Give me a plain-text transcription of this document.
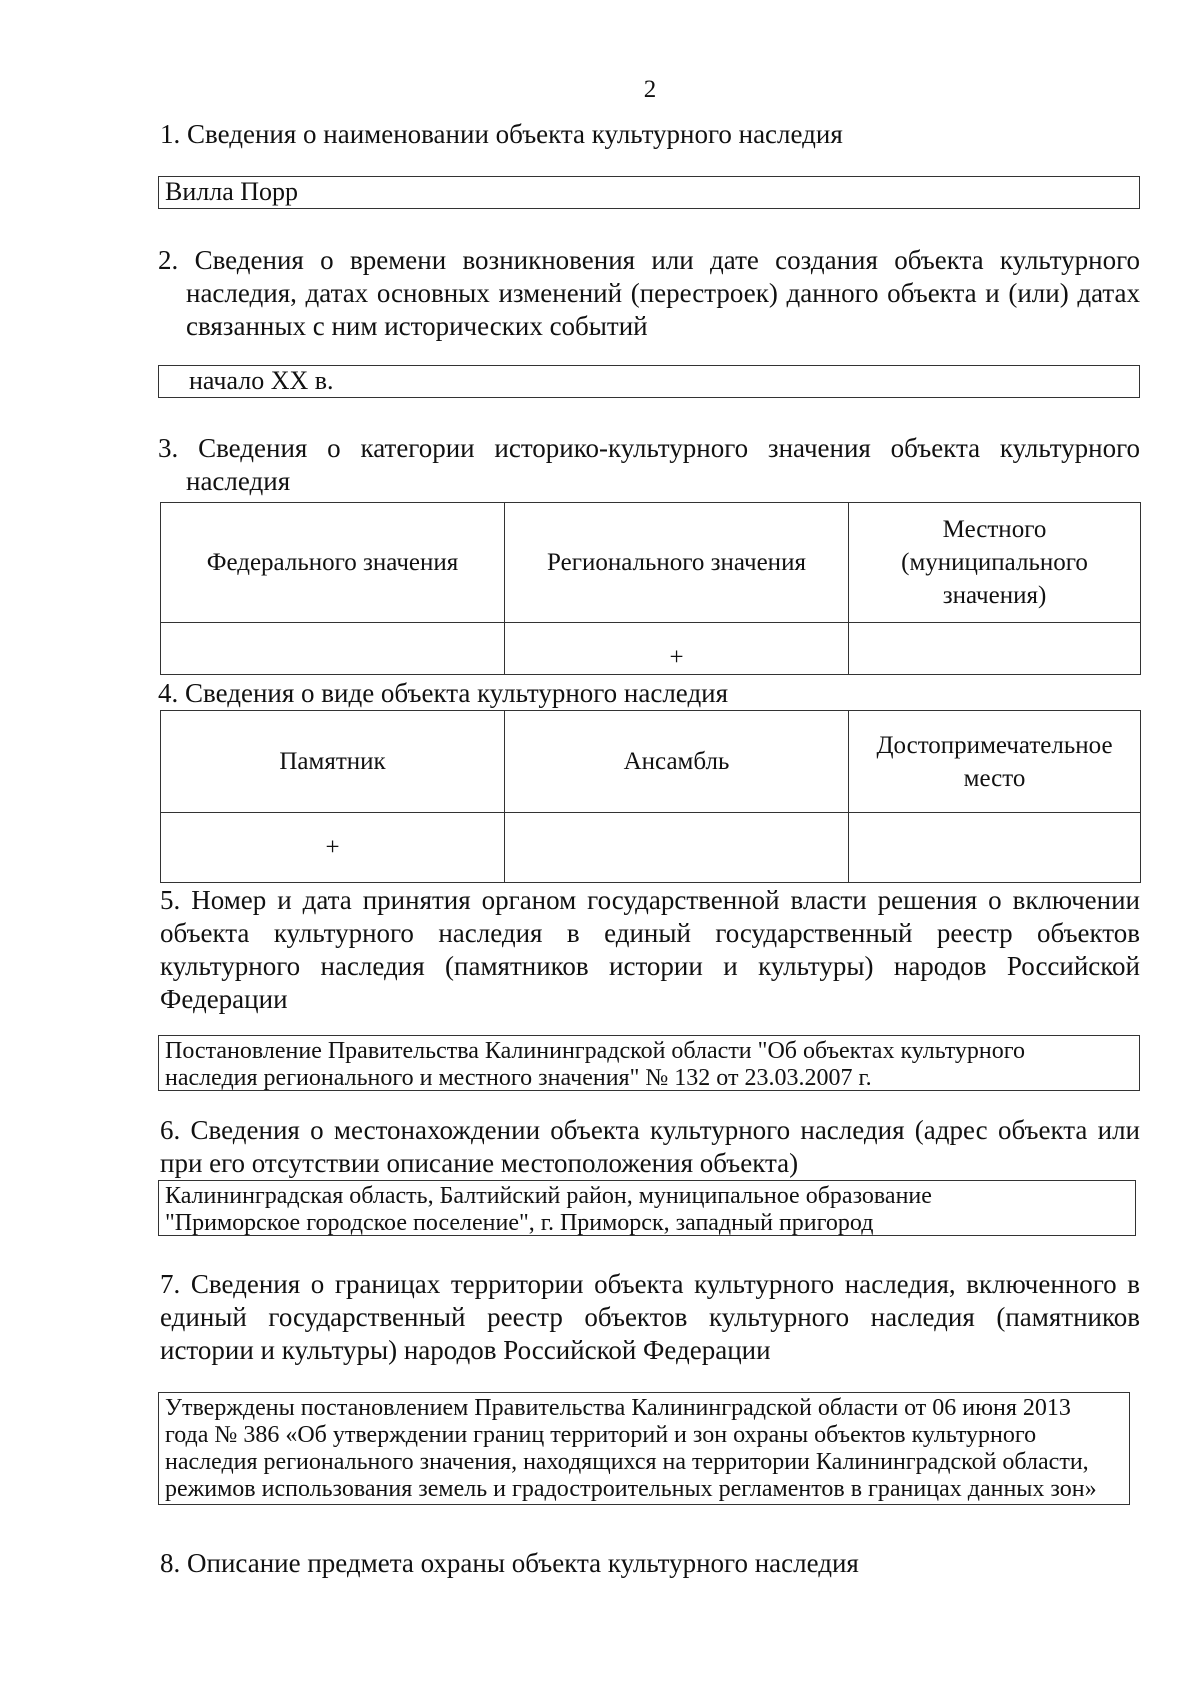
2
1. Сведения о наименовании объекта культурного наследия
Вилла Порр
2. Сведения о времени возникновения или дате создания объекта культурного наследия, датах основных изменений (перестроек) данного объекта и (или) датах связанных с ним исторических событий
начало XX в.
3. Сведения о категории историко-культурного значения объекта культурного наследия
Федерального значения	Регионального значения	Местного (муниципального значения)
	+	
4. Сведения о виде объекта культурного наследия
Памятник	Ансамбль	Достопримечательное место
+		
5. Номер и дата принятия органом государственной власти решения о включении объекта культурного наследия в единый государственный реестр объектов культурного наследия (памятников истории и культуры) народов Российской Федерации
Постановление Правительства Калининградской области "Об объектах культурного
наследия регионального и местного значения" № 132 от 23.03.2007 г.
6. Сведения о местонахождении объекта культурного наследия (адрес объекта или при его отсутствии описание местоположения объекта)
Калининградская область, Балтийский район, муниципальное образование
"Приморское городское поселение", г. Приморск, западный пригород
7. Сведения о границах территории объекта культурного наследия, включенного в единый государственный реестр объектов культурного наследия (памятников истории и культуры) народов Российской Федерации
Утверждены постановлением Правительства Калининградской области от 06 июня 2013
года № 386 «Об утверждении границ территорий и зон охраны объектов культурного
наследия регионального значения, находящихся на территории Калининградской области,
режимов использования земель и градостроительных регламентов в границах данных зон»
8. Описание предмета охраны объекта культурного наследия
